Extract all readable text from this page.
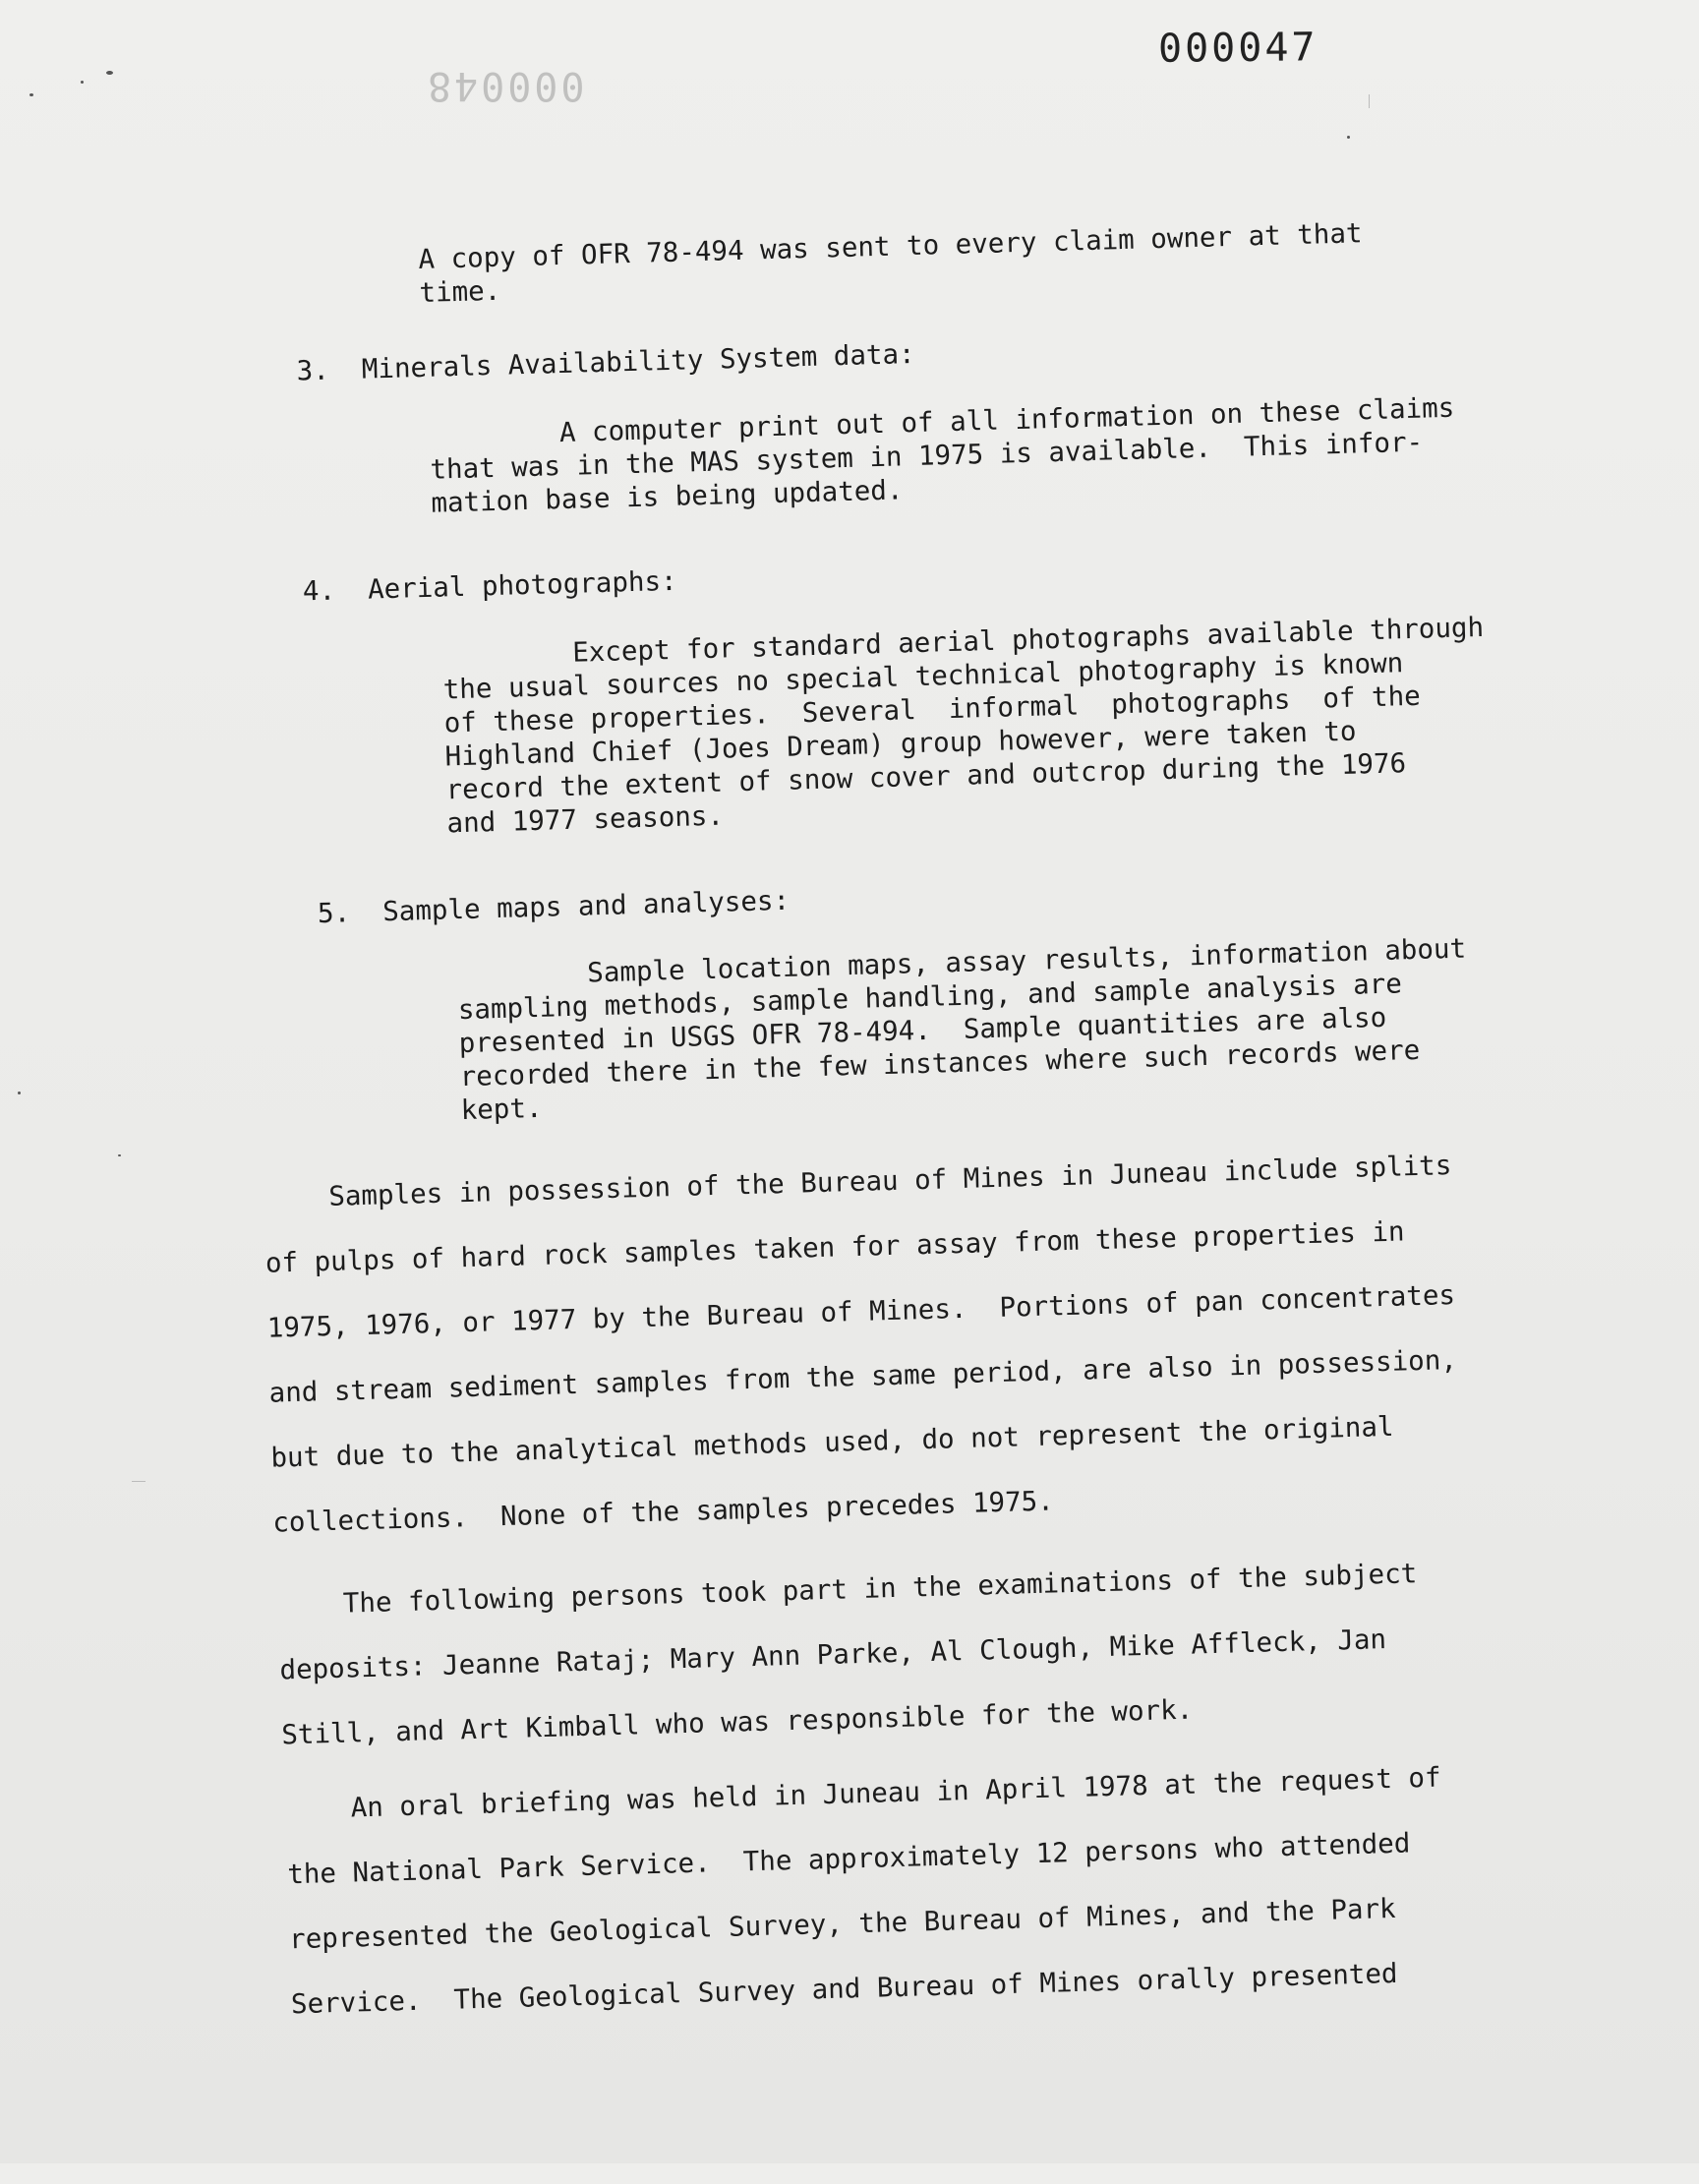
000047
000048

A copy of OFR 78-494 was sent to every claim owner at that
time.

3.  Minerals Availability System data:

A computer print out of all information on these claims
that was in the MAS system in 1975 is available.  This infor-
mation base is being updated.

4.  Aerial photographs:

Except for standard aerial photographs available through
the usual sources no special technical photography is known
of these properties.  Several  informal  photographs  of the
Highland Chief (Joes Dream) group however, were taken to
record the extent of snow cover and outcrop during the 1976
and 1977 seasons.

5.  Sample maps and analyses:

Sample location maps, assay results, information about
sampling methods, sample handling, and sample analysis are
presented in USGS OFR 78-494.  Sample quantities are also
recorded there in the few instances where such records were
kept.

Samples in possession of the Bureau of Mines in Juneau include splits
of pulps of hard rock samples taken for assay from these properties in
1975, 1976, or 1977 by the Bureau of Mines.  Portions of pan concentrates
and stream sediment samples from the same period, are also in possession,
but due to the analytical methods used, do not represent the original
collections.  None of the samples precedes 1975.

The following persons took part in the examinations of the subject
deposits: Jeanne Rataj; Mary Ann Parke, Al Clough, Mike Affleck, Jan
Still, and Art Kimball who was responsible for the work.

An oral briefing was held in Juneau in April 1978 at the request of
the National Park Service.  The approximately 12 persons who attended
represented the Geological Survey, the Bureau of Mines, and the Park
Service.  The Geological Survey and Bureau of Mines orally presented
